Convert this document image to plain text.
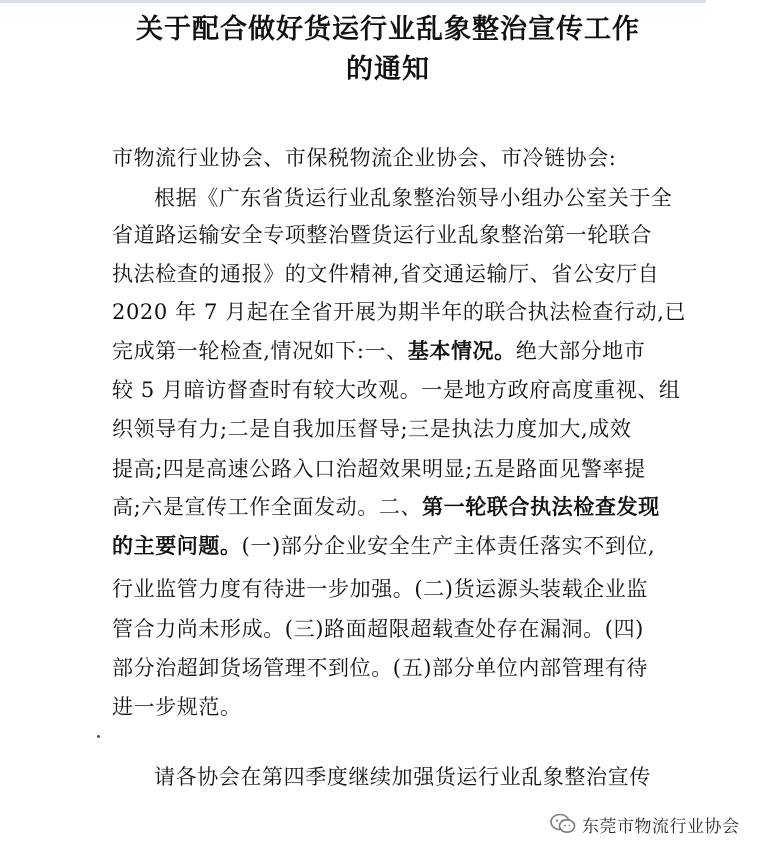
关于配合做好货运行业乱象整治宣传工作
的通知
市物流行业协会、市保税物流企业协会、市冷链协会:
根据《广东省货运行业乱象整治领导小组办公室关于全
省道路运输安全专项整治暨货运行业乱象整治第一轮联合
执法检查的通报》的文件精神,省交通运输厅、省公安厅自
2020 年 7 月起在全省开展为期半年的联合执法检查行动,已
完成第一轮检查,情况如下:一、基本情况。绝大部分地市
较 5 月暗访督查时有较大改观。一是地方政府高度重视、组
织领导有力;二是自我加压督导;三是执法力度加大,成效
提高;四是高速公路入口治超效果明显;五是路面见警率提
高;六是宣传工作全面发动。二、第一轮联合执法检查发现
的主要问题。(一)部分企业安全生产主体责任落实不到位,
行业监管力度有待进一步加强。(二)货运源头装载企业监
管合力尚未形成。(三)路面超限超载查处存在漏洞。(四)
部分治超卸货场管理不到位。(五)部分单位内部管理有待
进一步规范。
请各协会在第四季度继续加强货运行业乱象整治宣传
东莞市物流行业协会
